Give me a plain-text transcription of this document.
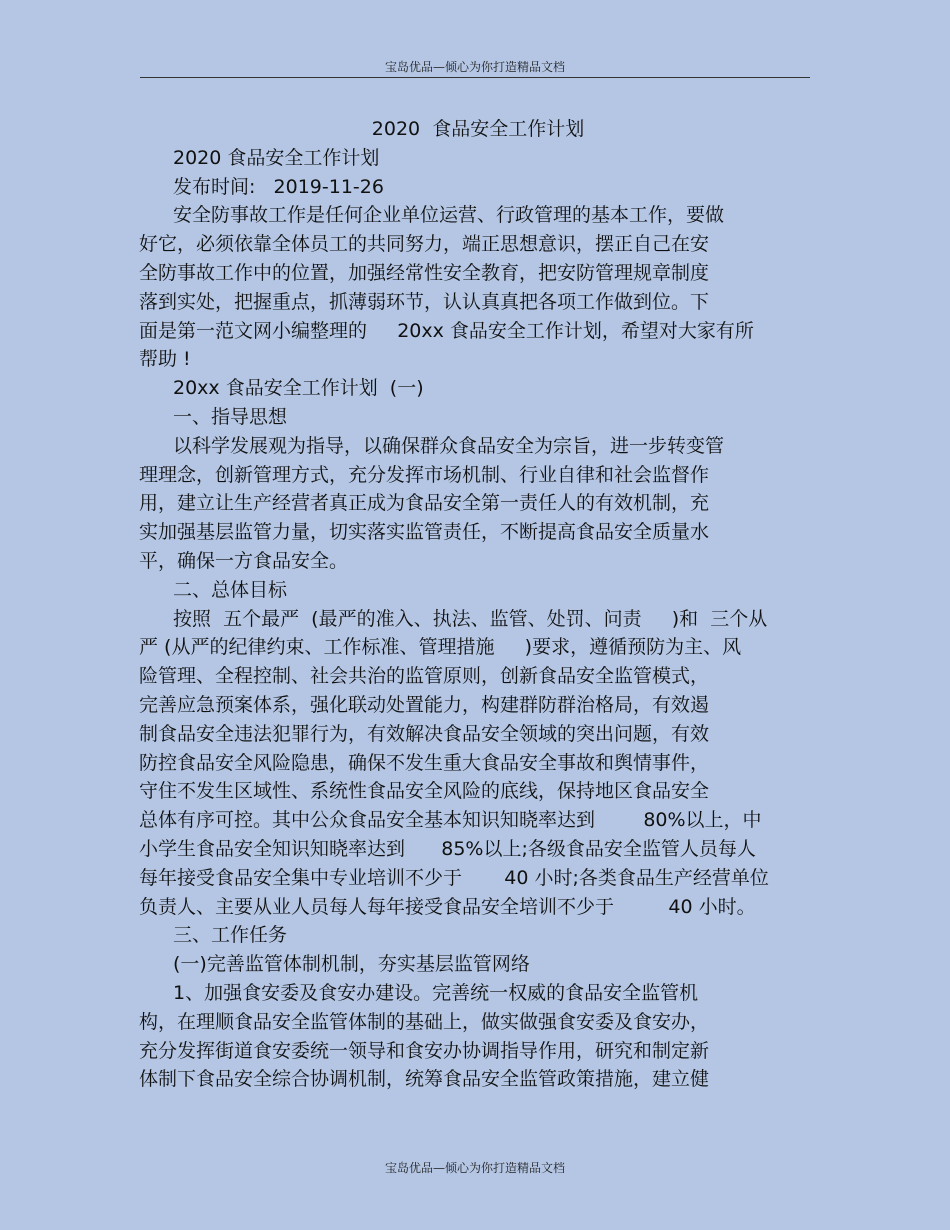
宝岛优品—倾心为你打造精品文档
2020  食品安全工作计划
2020 食品安全工作计划
发布时间:   2019-11-26
安全防事故工作是任何企业单位运营、行政管理的基本工作，要做
好它，必须依靠全体员工的共同努力，端正思想意识，摆正自己在安
全防事故工作中的位置，加强经常性安全教育，把安防管理规章制度
落到实处，把握重点，抓薄弱环节，认认真真把各项工作做到位。下
面是第一范文网小编整理的     20xx 食品安全工作计划，希望对大家有所
帮助 !
20xx 食品安全工作计划  (一)
一、指导思想
以科学发展观为指导，以确保群众食品安全为宗旨，进一步转变管
理理念，创新管理方式，充分发挥市场机制、行业自律和社会监督作
用，建立让生产经营者真正成为食品安全第一责任人的有效机制，充
实加强基层监管力量，切实落实监管责任，不断提高食品安全质量水
平，确保一方食品安全。
二、总体目标
按照  五个最严  (最严的准入、执法、监管、处罚、问责     )和  三个从
严 (从严的纪律约束、工作标准、管理措施     )要求，遵循预防为主、风
险管理、全程控制、社会共治的监管原则，创新食品安全监管模式，
完善应急预案体系，强化联动处置能力，构建群防群治格局，有效遏
制食品安全违法犯罪行为，有效解决食品安全领域的突出问题，有效
防控食品安全风险隐患，确保不发生重大食品安全事故和舆情事件，
守住不发生区域性、系统性食品安全风险的底线，保持地区食品安全
总体有序可控。其中公众食品安全基本知识知晓率达到        80%以上，中
小学生食品安全知识知晓率达到      85%以上;各级食品安全监管人员每人
每年接受食品安全集中专业培训不少于       40 小时;各类食品生产经营单位
负责人、主要从业人员每人每年接受食品安全培训不少于         40 小时。
三、工作任务
(一)完善监管体制机制，夯实基层监管网络
1、加强食安委及食安办建设。完善统一权威的食品安全监管机
构，在理顺食品安全监管体制的基础上，做实做强食安委及食安办，
充分发挥街道食安委统一领导和食安办协调指导作用，研究和制定新
体制下食品安全综合协调机制，统筹食品安全监管政策措施，建立健
宝岛优品—倾心为你打造精品文档
